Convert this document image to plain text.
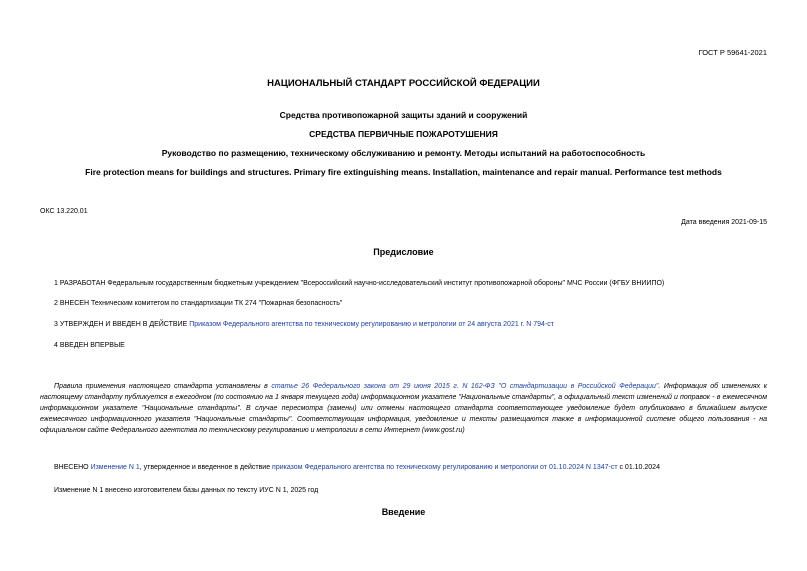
ГОСТ Р 59641-2021
НАЦИОНАЛЬНЫЙ СТАНДАРТ РОССИЙСКОЙ ФЕДЕРАЦИИ
Средства противопожарной защиты зданий и сооружений
СРЕДСТВА ПЕРВИЧНЫЕ ПОЖАРОТУШЕНИЯ
Руководство по размещению, техническому обслуживанию и ремонту. Методы испытаний на работоспособность
Fire protection means for buildings and structures. Primary fire extinguishing means. Installation, maintenance and repair manual. Performance test methods
ОКС 13.220.01
Дата введения 2021-09-15
Предисловие
1 РАЗРАБОТАН Федеральным государственным бюджетным учреждением "Всероссийский научно-исследовательский институт противопожарной обороны" МЧС России (ФГБУ ВНИИПО)
2 ВНЕСЕН Техническим комитетом по стандартизации ТК 274 "Пожарная безопасность"
3 УТВЕРЖДЕН И ВВЕДЕН В ДЕЙСТВИЕ Приказом Федерального агентства по техническому регулированию и метрологии от 24 августа 2021 г. N 794-ст
4 ВВЕДЕН ВПЕРВЫЕ
Правила применения настоящего стандарта установлены в статье 26 Федерального закона от 29 июня 2015 г. N 162-ФЗ "О стандартизации в Российской Федерации". Информация об изменениях к настоящему стандарту публикуется в ежегодном (по состоянию на 1 января текущего года) информационном указателе "Национальные стандарты", а официальный текст изменений и поправок - в ежемесячном информационном указателе "Национальные стандарты". В случае пересмотра (замены) или отмены настоящего стандарта соответствующее уведомление будет опубликовано в ближайшем выпуске ежемесячного информационного указателя "Национальные стандарты". Соответствующая информация, уведомление и тексты размещаются также в информационной системе общего пользования - на официальном сайте Федерального агентства по техническому регулированию и метрологии в сети Интернет (www.gost.ru)
ВНЕСЕНО Изменение N 1, утвержденное и введенное в действие приказом Федерального агентства по техническому регулированию и метрологии от 01.10.2024 N 1347-ст с 01.10.2024
Изменение N 1 внесено изготовителем базы данных по тексту ИУС N 1, 2025 год
Введение
